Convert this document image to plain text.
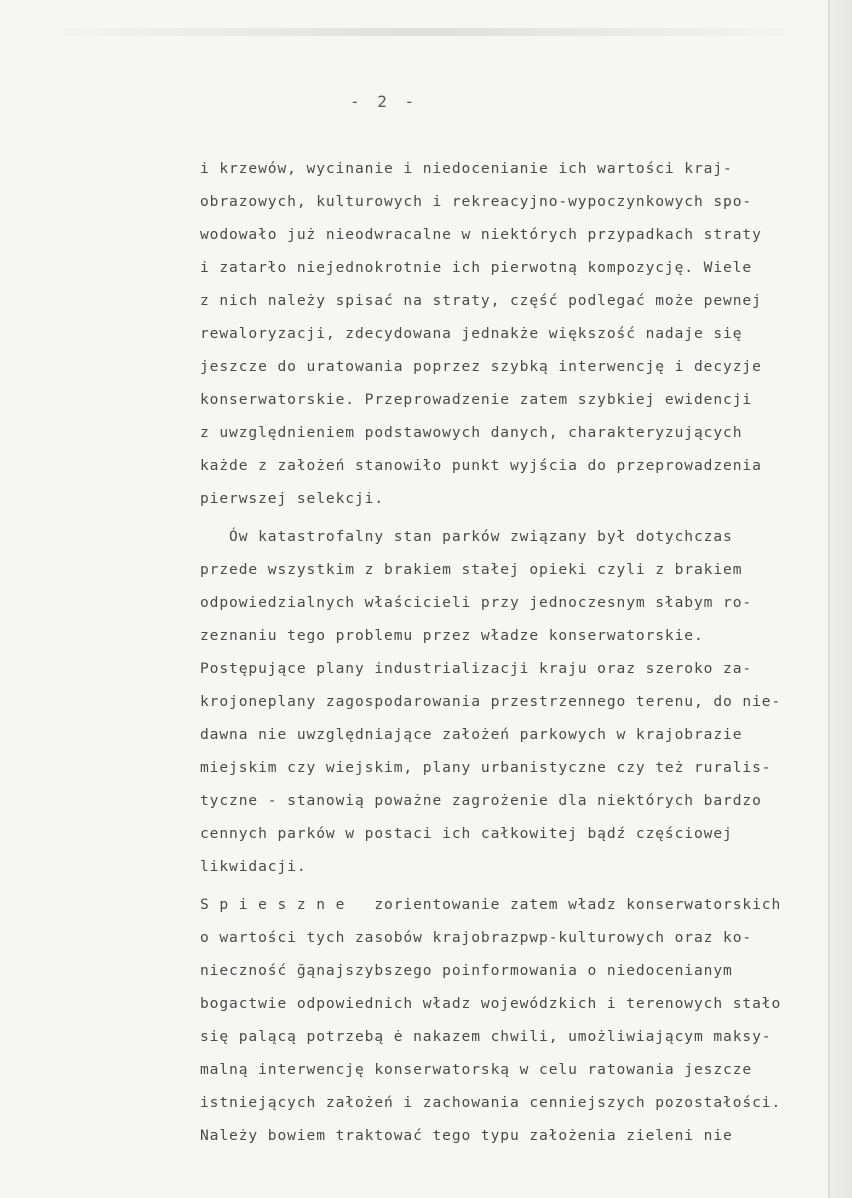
- 2 -
i krzewów, wycinanie i niedocenianie ich wartości kraj-
obrazowych, kulturowych i rekreacyjno-wypoczynkowych spo-
wodowało już nieodwracalne w niektórych przypadkach straty
i zatarło niejednokrotnie ich pierwotną kompozycję. Wiele
z nich należy spisać na straty, część podlegać może pewnej
rewaloryzacji, zdecydowana jednakże większość nadaje się
jeszcze do uratowania poprzez szybką interwencję i decyzje
konserwatorskie. Przeprowadzenie zatem szybkiej ewidencji
z uwzględnieniem podstawowych danych, charakteryzujących
każde z założeń stanowiło punkt wyjścia do przeprowadzenia
pierwszej selekcji.
Ów katastrofalny stan parków związany był dotychczas
przede wszystkim z brakiem stałej opieki czyli z brakiem
odpowiedzialnych właścicieli przy jednoczesnym słabym ro-
zeznaniu tego problemu przez władze konserwatorskie.
Postępujące plany industrializacji kraju oraz szeroko za-
krojoneplany zagospodarowania przestrzennego terenu, do nie-
dawna nie uwzględniające założeń parkowych w krajobrazie
miejskim czy wiejskim, plany urbanistyczne czy też ruralis-
tyczne - stanowią poważne zagrożenie dla niektórych bardzo
cennych parków w postaci ich całkowitej bądź częściowej
likwidacji.
S p i e s z n e   zorientowanie zatem władz konserwatorskich
o wartości tych zasobów krajobrazpwp-kulturowych oraz ko-
nieczność ğąnajszybszego poinformowania o niedocenianym
bogactwie odpowiednich władz wojewódzkich i terenowych stało
się palącą potrzebą ė nakazem chwili, umożliwiającym maksy-
malną interwencję konserwatorską w celu ratowania jeszcze
istniejących założeń i zachowania cenniejszych pozostałości.
Należy bowiem traktować tego typu założenia zieleni nie
